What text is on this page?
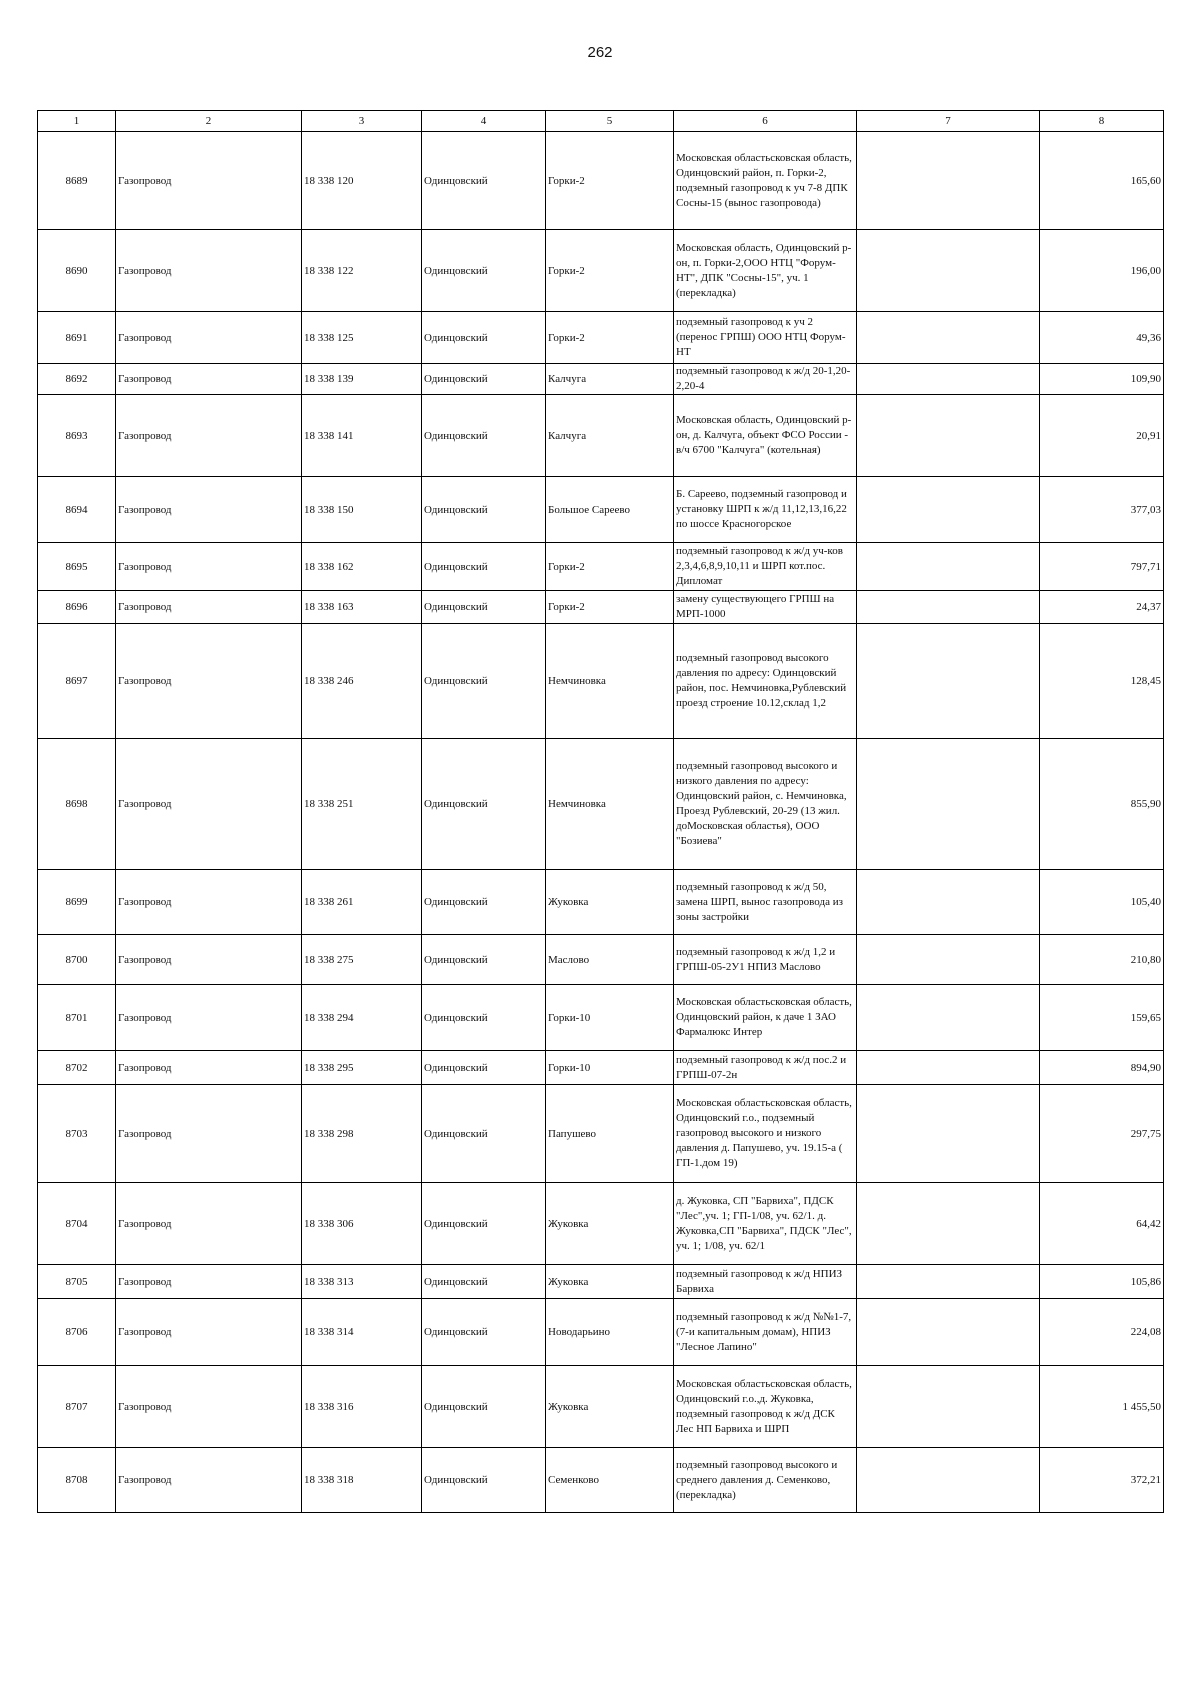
262
1	2	3	4	5	6	7	8
8689	Газопровод	18 338 120	Одинцовский	Горки-2	Московская областьсковская область, Одинцовский район, п. Горки-2, подземный газопровод к уч 7-8 ДПК Сосны-15 (вынос газопровода)		165,60
8690	Газопровод	18 338 122	Одинцовский	Горки-2	Московская область, Одинцовский р-он, п. Горки-2,ООО НТЦ "Форум-НТ", ДПК "Сосны-15", уч. 1 (перекладка)		196,00
8691	Газопровод	18 338 125	Одинцовский	Горки-2	подземный газопровод к уч 2 (перенос ГРПШ) ООО НТЦ Форум-НТ		49,36
8692	Газопровод	18 338 139	Одинцовский	Калчуга	подземный газопровод к ж/д 20-1,20-2,20-4		109,90
8693	Газопровод	18 338 141	Одинцовский	Калчуга	Московская область, Одинцовский р-он, д. Калчуга, объект ФСО России - в/ч 6700 "Калчуга" (котельная)		20,91
8694	Газопровод	18 338 150	Одинцовский	Большое Сареево	Б. Сареево, подземный газопровод и установку ШРП к ж/д 11,12,13,16,22 по шоссе Красногорское		377,03
8695	Газопровод	18 338 162	Одинцовский	Горки-2	подземный газопровод к ж/д уч-ков 2,3,4,6,8,9,10,11 и ШРП кот.пос. Дипломат		797,71
8696	Газопровод	18 338 163	Одинцовский	Горки-2	замену существующего ГРПШ на МРП-1000		24,37
8697	Газопровод	18 338 246	Одинцовский	Немчиновка	подземный газопровод высокого давления по адресу: Одинцовский район, пос. Немчиновка,Рублевский проезд строение 10.12,склад 1,2		128,45
8698	Газопровод	18 338 251	Одинцовский	Немчиновка	подземный газопровод высокого и низкого давления по адресу: Одинцовский район, с. Немчиновка, Проезд Рублевский, 20-29 (13 жил. доМосковская областья), ООО "Бозиева"		855,90
8699	Газопровод	18 338 261	Одинцовский	Жуковка	подземный газопровод к ж/д 50, замена ШРП, вынос газопровода из зоны застройки		105,40
8700	Газопровод	18 338 275	Одинцовский	Маслово	подземный газопровод к ж/д 1,2 и ГРПШ-05-2У1 НПИЗ Маслово		210,80
8701	Газопровод	18 338 294	Одинцовский	Горки-10	Московская областьсковская область, Одинцовский район, к даче 1 ЗАО Фармалюкс Интер		159,65
8702	Газопровод	18 338 295	Одинцовский	Горки-10	подземный газопровод к ж/д пос.2 и ГРПШ-07-2н		894,90
8703	Газопровод	18 338 298	Одинцовский	Папушево	Московская областьсковская область, Одинцовский г.о., подземный газопровод высокого и низкого давления д. Папушево, уч. 19.15-а ( ГП-1.дом 19)		297,75
8704	Газопровод	18 338 306	Одинцовский	Жуковка	д. Жуковка, СП "Барвиха", ПДСК "Лес",уч. 1; ГП-1/08, уч. 62/1. д. Жуковка,СП "Барвиха", ПДСК "Лес", уч. 1; 1/08, уч. 62/1		64,42
8705	Газопровод	18 338 313	Одинцовский	Жуковка	подземный газопровод к ж/д НПИЗ Барвиха		105,86
8706	Газопровод	18 338 314	Одинцовский	Новодарьино	подземный газопровод к ж/д №№1-7,(7-и капитальным домам), НПИЗ "Лесное Лапино"		224,08
8707	Газопровод	18 338 316	Одинцовский	Жуковка	Московская областьсковская область, Одинцовский г.о.,д. Жуковка, подземный газопровод к ж/д ДСК Лес НП Барвиха и ШРП		1 455,50
8708	Газопровод	18 338 318	Одинцовский	Семенково	подземный газопровод высокого и среднего давления д. Семенково, (перекладка)		372,21
